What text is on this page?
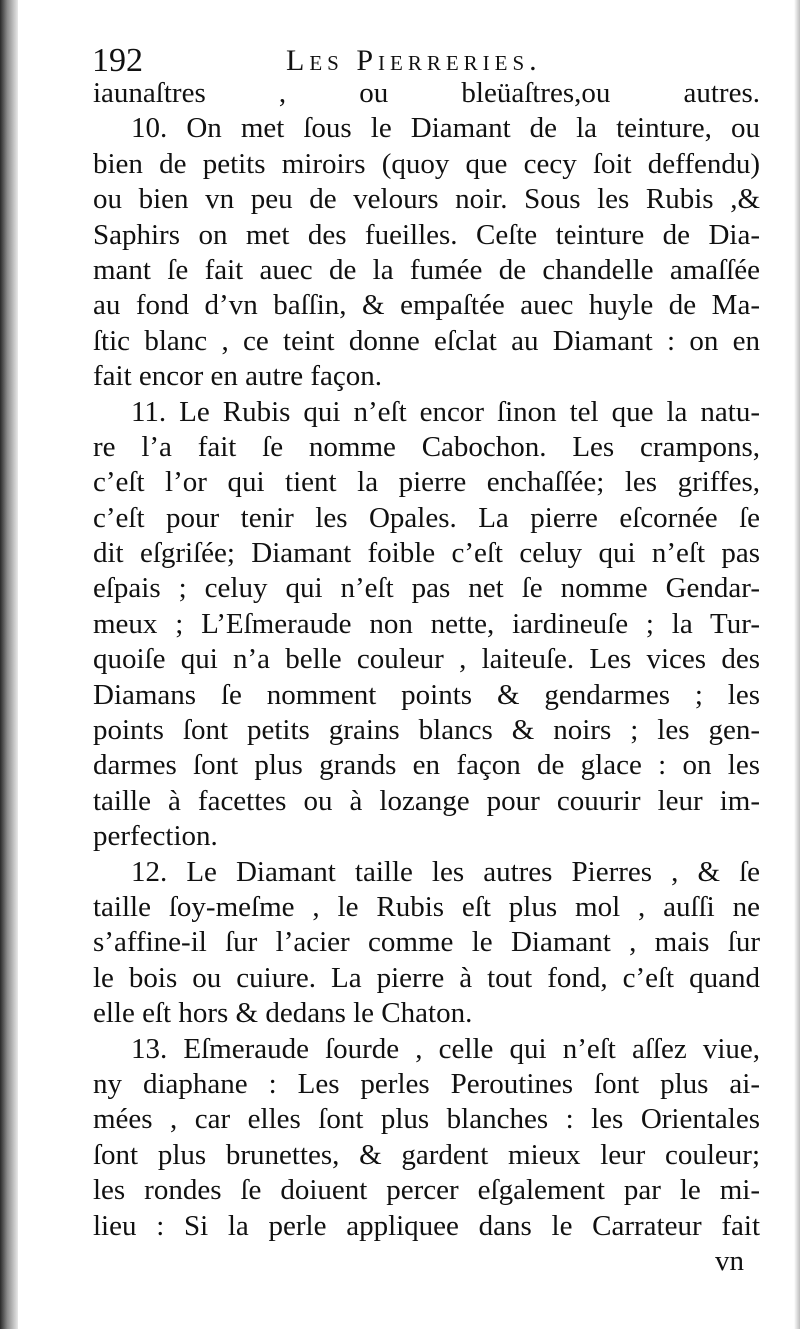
192	Les Pierreries.
iaunaſtres , ou bleüaſtres,ou autres.
10. On met ſous le Diamant de la teinture, ou
bien de petits miroirs (quoy que cecy ſoit deffendu)
ou bien vn peu de velours noir. Sous les Rubis ,&
Saphirs on met des fueilles. Ceſte teinture de Dia-
mant ſe fait auec de la fumée de chandelle amaſſée
au fond d’vn baſſin, & empaſtée auec huyle de Ma-
ſtic blanc , ce teint donne eſclat au Diamant : on en
fait encor en autre façon.
11. Le Rubis qui n’eſt encor ſinon tel que la natu-
re l’a fait ſe nomme Cabochon. Les crampons,
c’eſt l’or qui tient la pierre enchaſſée; les griffes,
c’eſt pour tenir les Opales. La pierre eſcornée ſe
dit eſgriſée; Diamant foible c’eſt celuy qui n’eſt pas
eſpais ; celuy qui n’eſt pas net ſe nomme Gendar-
meux ; L’Eſmeraude non nette, iardineuſe ; la Tur-
quoiſe qui n’a belle couleur , laiteuſe. Les vices des
Diamans ſe nomment points & gendarmes ; les
points ſont petits grains blancs & noirs ; les gen-
darmes ſont plus grands en façon de glace : on les
taille à facettes ou à lozange pour couurir leur im-
perfection.
12. Le Diamant taille les autres Pierres , & ſe
taille ſoy-meſme , le Rubis eſt plus mol , auſſi ne
s’affine-il ſur l’acier comme le Diamant , mais ſur
le bois ou cuiure. La pierre à tout fond, c’eſt quand
elle eſt hors & dedans le Chaton.
13. Eſmeraude ſourde , celle qui n’eſt aſſez viue,
ny diaphane : Les perles Peroutines ſont plus ai-
mées , car elles ſont plus blanches : les Orientales
ſont plus brunettes, & gardent mieux leur couleur;
les rondes ſe doiuent percer eſgalement par le mi-
lieu : Si la perle appliquee dans le Carrateur fait
vn
